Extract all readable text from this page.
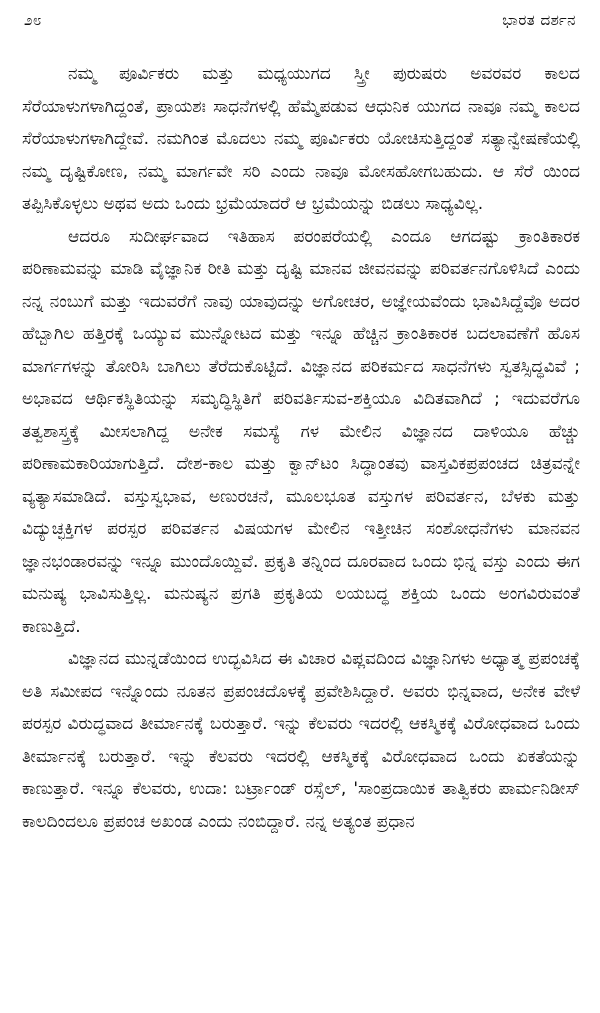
೨೮	ಭಾರತ ದರ್ಶನ

ನಮ್ಮ ಪೂರ್ವಿಕರು ಮತ್ತು ಮಧ್ಯಯುಗದ ಸ್ತ್ರೀ ಪುರುಷರು ಅವರವರ ಕಾಲದ ಸೆರೆಯಾಳುಗಳಾಗಿದ್ದಂತೆ, ಪ್ರಾಯಶಃ ಸಾಧನೆಗಳಲ್ಲಿ ಹೆಮ್ಮೆಪಡುವ ಆಧುನಿಕ ಯುಗದ ನಾವೂ ನಮ್ಮ ಕಾಲದ ಸೆರೆಯಾಳುಗಳಾಗಿದ್ದೇವೆ. ನಮಗಿಂತ ಮೊದಲು ನಮ್ಮ ಪೂರ್ವಿಕರು ಯೋಚಿಸುತ್ತಿದ್ದಂತೆ ಸತ್ಯಾನ್ವೇಷಣೆಯಲ್ಲಿ ನಮ್ಮ ದೃಷ್ಟಿಕೋಣ, ನಮ್ಮ ಮಾರ್ಗವೇ ಸರಿ ಎಂದು ನಾವೂ ಮೋಸಹೋಗಬಹುದು. ಆ ಸೆರೆ ಯಿಂದ ತಪ್ಪಿಸಿಕೊಳ್ಳಲು ಅಥವ ಅದು ಒಂದು ಭ್ರಮೆಯಾದರೆ ಆ ಭ್ರಮೆಯನ್ನು ಬಿಡಲು ಸಾಧ್ಯವಿಲ್ಲ.

ಆದರೂ ಸುದೀರ್ಘವಾದ ಇತಿಹಾಸ ಪರಂಪರೆಯಲ್ಲಿ ಎಂದೂ ಆಗದಷ್ಟು ಕ್ರಾಂತಿಕಾರಕ ಪರಿಣಾಮವನ್ನು ಮಾಡಿ ವೈಜ್ಞಾನಿಕ ರೀತಿ ಮತ್ತು ದೃಷ್ಟಿ ಮಾನವ ಜೀವನವನ್ನು ಪರಿವರ್ತನಗೊಳಿಸಿದೆ ಎಂದು ನನ್ನ ನಂಬುಗೆ ಮತ್ತು ಇದುವರೆಗೆ ನಾವು ಯಾವುದನ್ನು ಅಗೋಚರ, ಅಜ್ಞೇಯವೆಂದು ಭಾವಿಸಿದ್ದೆವೊ ಅದರ ಹೆಬ್ಬಾಗಿಲ ಹತ್ತಿರಕ್ಕೆ ಒಯ್ಯುವ ಮುನ್ನೋಟದ ಮತ್ತು ಇನ್ನೂ ಹೆಚ್ಚಿನ ಕ್ರಾಂತಿಕಾರಕ ಬದಲಾವಣೆಗೆ ಹೊಸ ಮಾರ್ಗಗಳನ್ನು ತೋರಿಸಿ ಬಾಗಿಲು ತೆರೆದುಕೊಟ್ಟಿದೆ. ವಿಜ್ಞಾನದ ಪರಿಕರ್ಮದ ಸಾಧನೆಗಳು ಸ್ವತಸ್ಸಿದ್ಧವಿವೆ ; ಅಭಾವದ ಆರ್ಥಿಕಸ್ಥಿತಿಯನ್ನು ಸಮೃದ್ಧಿಸ್ಥಿತಿಗೆ ಪರಿವರ್ತಿಸುವ-ಶಕ್ತಿಯೂ ವಿದಿತವಾಗಿದೆ ; ಇದುವರೆಗೂ ತತ್ವಶಾಸ್ತ್ರಕ್ಕೆ ಮೀಸಲಾಗಿದ್ದ ಅನೇಕ ಸಮಸ್ಯೆ ಗಳ ಮೇಲಿನ ವಿಜ್ಞಾನದ ದಾಳಿಯೂ ಹೆಚ್ಚು ಪರಿಣಾಮಕಾರಿಯಾಗುತ್ತಿದೆ. ದೇಶ-ಕಾಲ ಮತ್ತು ಕ್ವಾನ್‌ಟಂ ಸಿದ್ಧಾಂತವು ವಾಸ್ತವಿಕಪ್ರಪಂಚದ ಚಿತ್ರವನ್ನೇ ವ್ಯತ್ಯಾಸಮಾಡಿದೆ. ವಸ್ತುಸ್ವಭಾವ, ಅಣುರಚನೆ, ಮೂಲಭೂತ ವಸ್ತುಗಳ ಪರಿವರ್ತನ, ಬೆಳಕು ಮತ್ತು ವಿದ್ಯುಚ್ಛಕ್ತಿಗಳ ಪರಸ್ಪರ ಪರಿವರ್ತನ ವಿಷಯಗಳ ಮೇಲಿನ ಇತ್ತೀಚಿನ ಸಂಶೋಧನೆಗಳು ಮಾನವನ ಜ್ಞಾನಭಂಡಾರವನ್ನು ಇನ್ನೂ ಮುಂದೊಯ್ದಿವೆ. ಪ್ರಕೃತಿ ತನ್ನಿಂದ ದೂರವಾದ ಒಂದು ಭಿನ್ನ ವಸ್ತು ಎಂದು ಈಗ ಮನುಷ್ಯ ಭಾವಿಸುತ್ತಿಲ್ಲ. ಮನುಷ್ಯನ ಪ್ರಗತಿ ಪ್ರಕೃತಿಯ ಲಯಬದ್ಧ ಶಕ್ತಿಯ ಒಂದು ಅಂಗವಿರುವಂತೆ ಕಾಣುತ್ತಿದೆ.

ವಿಜ್ಞಾನದ ಮುನ್ನಡೆಯಿಂದ ಉದ್ಭವಿಸಿದ ಈ ವಿಚಾರ ವಿಪ್ಲವದಿಂದ ವಿಜ್ಞಾನಿಗಳು ಅಧ್ಯಾತ್ಮ ಪ್ರಪಂಚಕ್ಕೆ ಅತಿ ಸಮೀಪದ ಇನ್ನೊಂದು ನೂತನ ಪ್ರಪಂಚದೊಳಕ್ಕೆ ಪ್ರವೇಶಿಸಿದ್ದಾರೆ. ಅವರು ಭಿನ್ನವಾದ, ಅನೇಕ ವೇಳೆ ಪರಸ್ಪರ ವಿರುದ್ಧವಾದ ತೀರ್ಮಾನಕ್ಕೆ ಬರುತ್ತಾರೆ. ಇನ್ನು ಕೆಲವರು ಇದರಲ್ಲಿ ಆಕಸ್ಮಿಕಕ್ಕೆ ವಿರೋಧವಾದ ಒಂದು ತೀರ್ಮಾನಕ್ಕೆ ಬರುತ್ತಾರೆ. ಇನ್ನು ಕೆಲವರು ಇದರಲ್ಲಿ ಆಕಸ್ಮಿಕಕ್ಕೆ ವಿರೋಧವಾದ ಒಂದು ಏಕತೆಯನ್ನು ಕಾಣುತ್ತಾರೆ. ಇನ್ನೂ ಕೆಲವರು, ಉದಾ: ಬರ್ಟ್ರಾಂಡ್ ರಸ್ಸೆಲ್, 'ಸಾಂಪ್ರದಾಯಿಕ ತಾತ್ವಿಕರು ಪಾರ್ಮನಿಡೀಸ್ ಕಾಲದಿಂದಲೂ ಪ್ರಪಂಚ ಅಖಂಡ ಎಂದು ನಂಬಿದ್ದಾರೆ. ನನ್ನ ಅತ್ಯಂತ ಪ್ರಧಾನ
